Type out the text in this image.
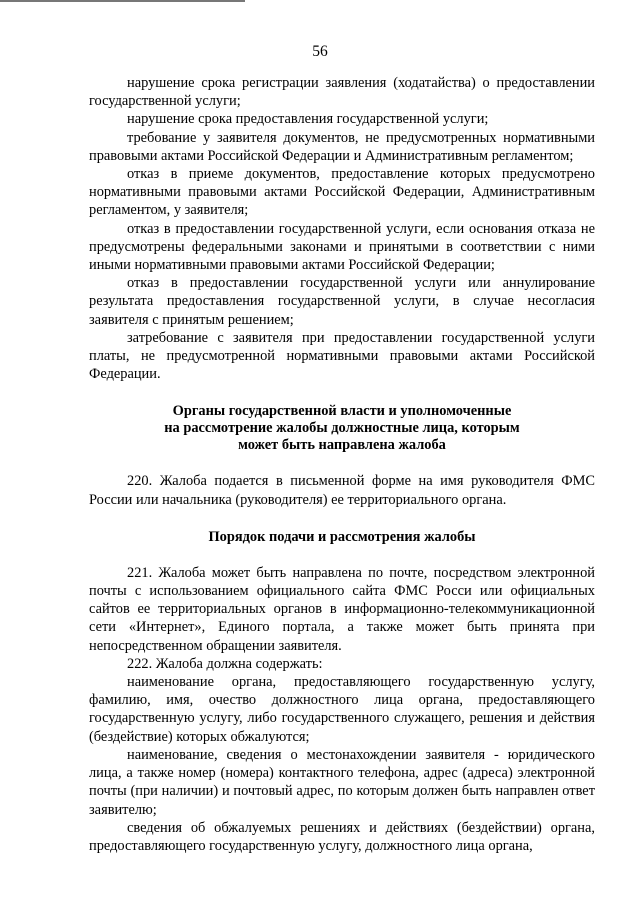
56

нарушение срока регистрации заявления (ходатайства) о предоставлении государственной услуги;

нарушение срока предоставления государственной услуги;

требование у заявителя документов, не предусмотренных нормативными правовыми актами Российской Федерации и Административным регламентом;

отказ в приеме документов, предоставление которых предусмотрено нормативными правовыми актами Российской Федерации, Административным регламентом, у заявителя;

отказ в предоставлении государственной услуги, если основания отказа не предусмотрены федеральными законами и принятыми в соответствии с ними иными нормативными правовыми актами Российской Федерации;

отказ в предоставлении государственной услуги или аннулирование результата предоставления государственной услуги, в случае несогласия заявителя с принятым решением;

затребование с заявителя при предоставлении государственной услуги платы, не предусмотренной нормативными правовыми актами Российской Федерации.

Органы государственной власти и уполномоченные
на рассмотрение жалобы должностные лица, которым
может быть направлена жалоба

220. Жалоба подается в письменной форме на имя руководителя ФМС России или начальника (руководителя) ее территориального органа.

Порядок подачи и рассмотрения жалобы

221. Жалоба может быть направлена по почте, посредством электронной почты с использованием официального сайта ФМС Росси или официальных сайтов ее территориальных органов в информационно-телекоммуникационной сети «Интернет», Единого портала, а также может быть принята при непосредственном обращении заявителя.

222. Жалоба должна содержать:

наименование органа, предоставляющего государственную услугу, фамилию, имя, очество должностного лица органа, предоставляющего государственную услугу, либо государственного служащего, решения и действия (бездействие) которых обжалуются;

наименование, сведения о местонахождении заявителя - юридического лица, а также номер (номера) контактного телефона, адрес (адреса) электронной почты (при наличии) и почтовый адрес, по которым должен быть направлен ответ заявителю;

сведения об обжалуемых решениях и действиях (бездействии) органа, предоставляющего государственную услугу, должностного лица органа,
